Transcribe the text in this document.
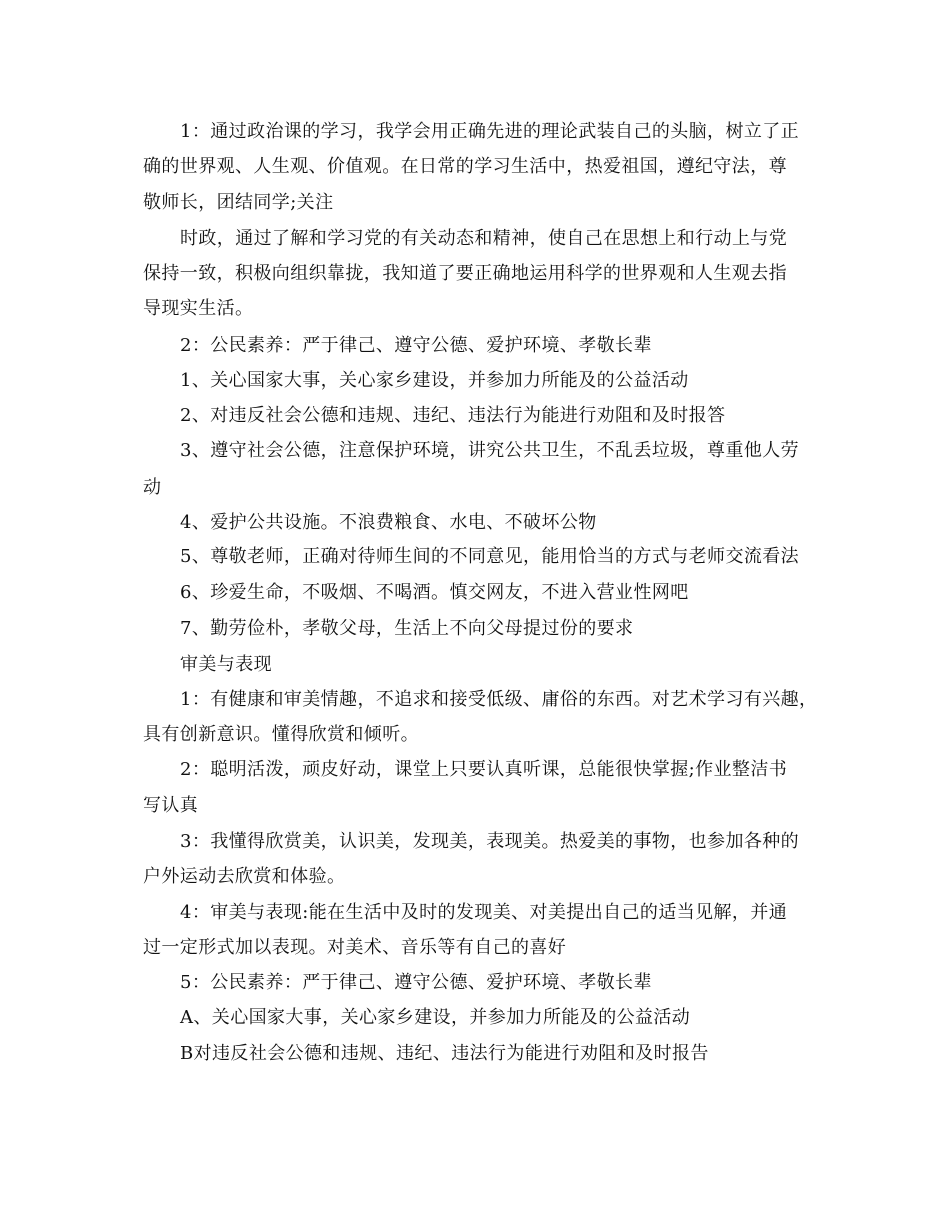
1：通过政治课的学习，我学会用正确先进的理论武装自己的头脑，树立了正
确的世界观、人生观、价值观。在日常的学习生活中，热爱祖国，遵纪守法，尊
敬师长，团结同学;关注
时政，通过了解和学习党的有关动态和精神，使自己在思想上和行动上与党
保持一致，积极向组织靠拢，我知道了要正确地运用科学的世界观和人生观去指
导现实生活。
2：公民素养：严于律己、遵守公德、爱护环境、孝敬长辈
1、关心国家大事，关心家乡建设，并参加力所能及的公益活动
2、对违反社会公德和违规、违纪、违法行为能进行劝阻和及时报答
3、遵守社会公德，注意保护环境，讲究公共卫生，不乱丢垃圾，尊重他人劳
动
4、爱护公共设施。不浪费粮食、水电、不破坏公物
5、尊敬老师，正确对待师生间的不同意见，能用恰当的方式与老师交流看法
6、珍爱生命，不吸烟、不喝酒。慎交网友，不进入营业性网吧
7、勤劳俭朴，孝敬父母，生活上不向父母提过份的要求
审美与表现
1：有健康和审美情趣，不追求和接受低级、庸俗的东西。对艺术学习有兴趣，
具有创新意识。懂得欣赏和倾听。
2：聪明活泼，顽皮好动，课堂上只要认真听课，总能很快掌握;作业整洁书
写认真
3：我懂得欣赏美，认识美，发现美，表现美。热爱美的事物，也参加各种的
户外运动去欣赏和体验。
4：审美与表现:能在生活中及时的发现美、对美提出自己的适当见解，并通
过一定形式加以表现。对美术、音乐等有自己的喜好
5：公民素养：严于律己、遵守公德、爱护环境、孝敬长辈
A、关心国家大事，关心家乡建设，并参加力所能及的公益活动
B对违反社会公德和违规、违纪、违法行为能进行劝阻和及时报告
